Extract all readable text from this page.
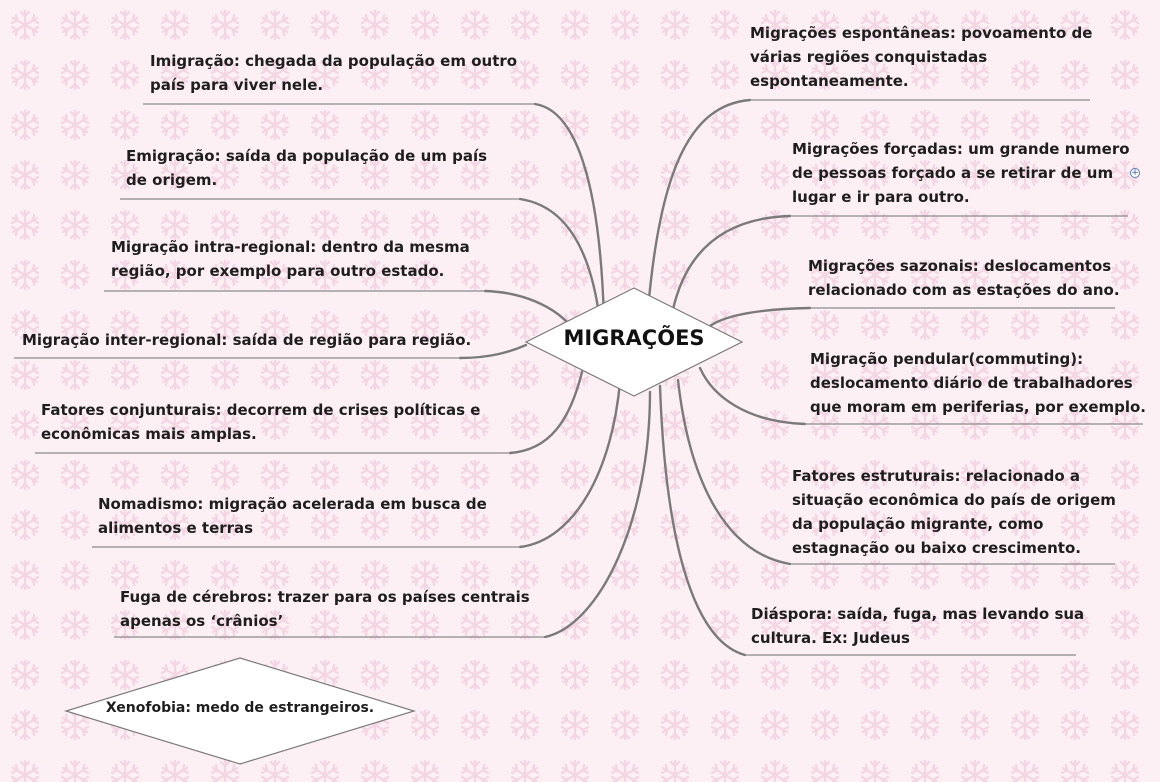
MIGRAÇÕES
Imigração: chegada da população em outro
país para viver nele.
Emigração: saída da população de um país
de origem.
Migração intra-regional: dentro da mesma
região, por exemplo para outro estado.
Migração inter-regional: saída de região para região.
Fatores conjunturais: decorrem de crises políticas e
econômicas mais amplas.
Nomadismo: migração acelerada em busca de
alimentos e terras
Fuga de cérebros: trazer para os países centrais
apenas os ‘crânios’
Migrações espontâneas: povoamento de
várias regiões conquistadas
espontaneamente.
Migrações forçadas: um grande numero
de pessoas forçado a se retirar de um
lugar e ir para outro.
Migrações sazonais: deslocamentos
relacionado com as estações do ano.
Migração pendular(commuting):
deslocamento diário de trabalhadores
que moram em periferias, por exemplo.
Fatores estruturais: relacionado a
situação econômica do país de origem
da população migrante, como
estagnação ou baixo crescimento.
Diáspora: saída, fuga, mas levando sua
cultura. Ex: Judeus
+
Xenofobia: medo de estrangeiros.
